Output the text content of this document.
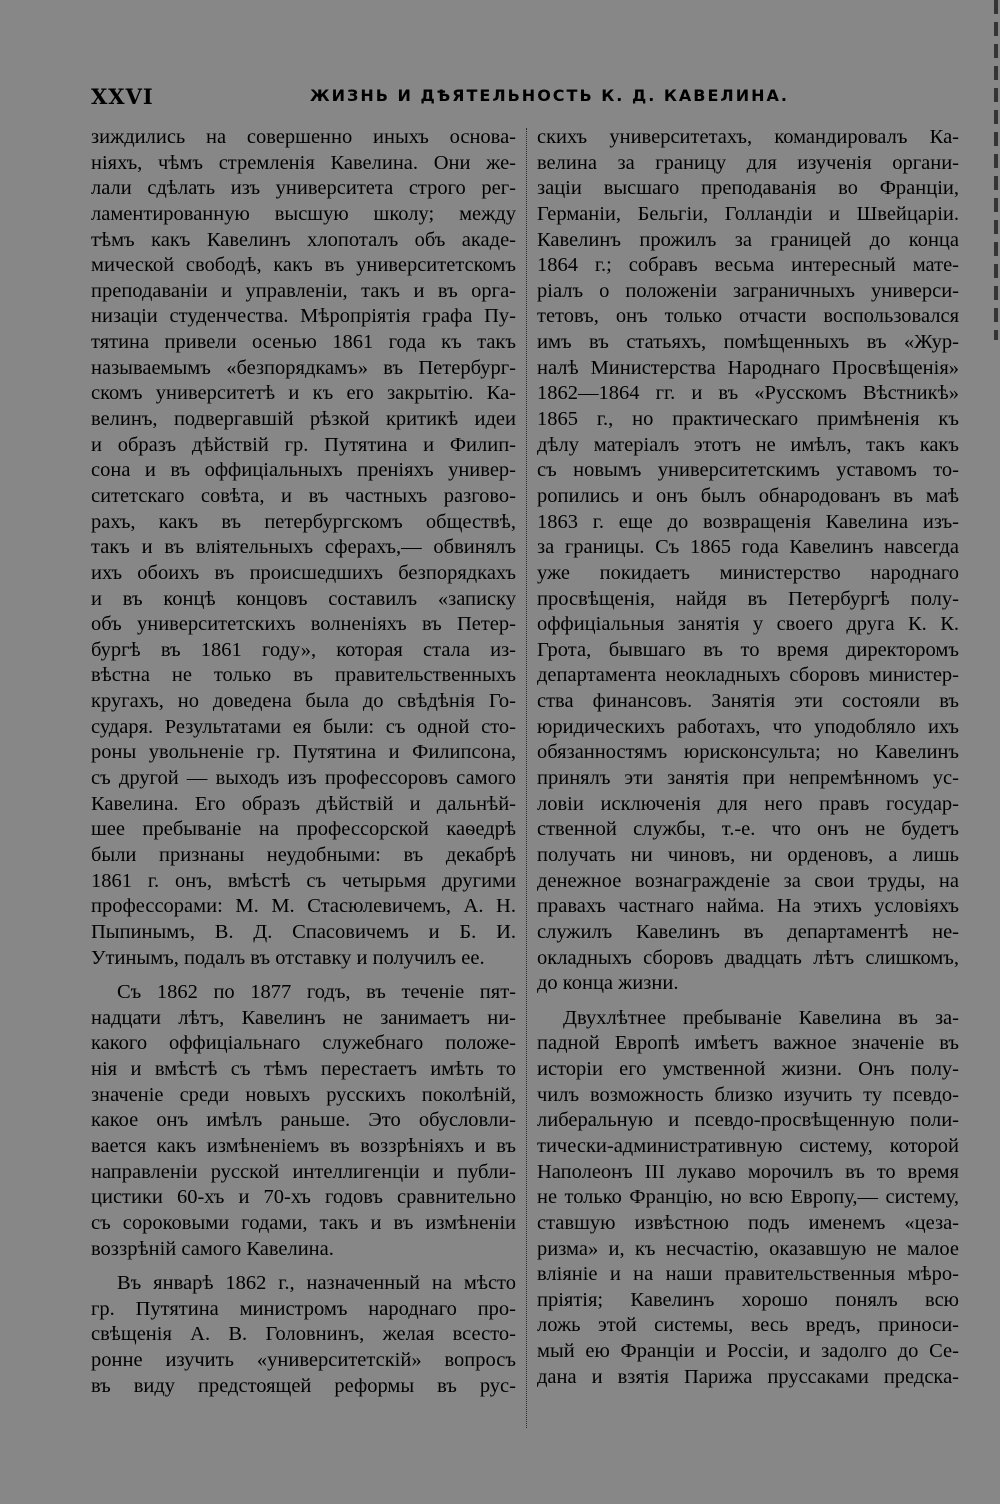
XXVI	ЖИЗНЬ И ДѢЯТЕЛЬНОСТЬ К. Д. КАВЕЛИНА.
зиждились на совершенно иныхъ основа-
ніяхъ, чѣмъ стремленія Кавелина. Они же-
лали сдѣлать изъ университета строго рег-
ламентированную высшую школу; между
тѣмъ какъ Кавелинъ хлопоталъ объ акаде-
мической свободѣ, какъ въ университетскомъ
преподаваніи и управленіи, такъ и въ орга-
низаціи студенчества. Мѣропріятія графа Пу-
тятина привели осенью 1861 года къ такъ
называемымъ «безпорядкамъ» въ Петербург-
скомъ университетѣ и къ его закрытію. Ка-
велинъ, подвергавшій рѣзкой критикѣ идеи
и образъ дѣйствій гр. Путятина и Филип-
сона и въ оффиціальныхъ преніяхъ универ-
ситетскаго совѣта, и въ частныхъ разгово-
рахъ, какъ въ петербургскомъ обществѣ,
такъ и въ вліятельныхъ сферахъ,— обвинялъ
ихъ обоихъ въ происшедшихъ безпорядкахъ
и въ концѣ концовъ составилъ «записку
объ университетскихъ волненіяхъ въ Петер-
бургѣ въ 1861 году», которая стала из-
вѣстна не только въ правительственныхъ
кругахъ, но доведена была до свѣдѣнія Го-
сударя. Результатами ея были: съ одной сто-
роны увольненіе гр. Путятина и Филипсона,
съ другой — выходъ изъ профессоровъ самого
Кавелина. Его образъ дѣйствій и дальнѣй-
шее пребываніе на профессорской каѳедрѣ
были признаны неудобными: въ декабрѣ
1861 г. онъ, вмѣстѣ съ четырьмя другими
профессорами: М. М. Стасюлевичемъ, А. Н.
Пыпинымъ, В. Д. Спасовичемъ и Б. И.
Утинымъ, подалъ въ отставку и получилъ ее.
Съ 1862 по 1877 годъ, въ теченіе пят-
надцати лѣтъ, Кавелинъ не занимаетъ ни-
какого оффиціальнаго служебнаго положе-
нія и вмѣстѣ съ тѣмъ перестаетъ имѣть то
значеніе среди новыхъ русскихъ поколѣній,
какое онъ имѣлъ раньше. Это обусловли-
вается какъ измѣненіемъ въ воззрѣніяхъ и въ
направленіи русской интеллигенціи и публи-
цистики 60-хъ и 70-хъ годовъ сравнительно
съ сороковыми годами, такъ и въ измѣненіи
воззрѣній самого Кавелина.
Въ январѣ 1862 г., назначенный на мѣсто
гр. Путятина министромъ народнаго про-
свѣщенія А. В. Головнинъ, желая всесто-
ронне изучить «университетскій» вопросъ
въ виду предстоящей реформы въ рус-
скихъ университетахъ, командировалъ Ка-
велина за границу для изученія органи-
заціи высшаго преподаванія во Франціи,
Германіи, Бельгіи, Голландіи и Швейцаріи.
Кавелинъ прожилъ за границей до конца
1864 г.; собравъ весьма интересный мате-
ріалъ о положеніи заграничныхъ универси-
тетовъ, онъ только отчасти воспользовался
имъ въ статьяхъ, помѣщенныхъ въ «Жур-
налѣ Министерства Народнаго Просвѣщенія»
1862—1864 гг. и въ «Русскомъ Вѣстникѣ»
1865 г., но практическаго примѣненія къ
дѣлу матеріалъ этотъ не имѣлъ, такъ какъ
съ новымъ университетскимъ уставомъ то-
ропились и онъ былъ обнародованъ въ маѣ
1863 г. еще до возвращенія Кавелина изъ-
за границы. Съ 1865 года Кавелинъ навсегда
уже покидаетъ министерство народнаго
просвѣщенія, найдя въ Петербургѣ полу-
оффиціальныя занятія у своего друга К. К.
Грота, бывшаго въ то время директоромъ
департамента неокладныхъ сборовъ министер-
ства финансовъ. Занятія эти состояли въ
юридическихъ работахъ, что уподобляло ихъ
обязанностямъ юрисконсульта; но Кавелинъ
принялъ эти занятія при непремѣнномъ ус-
ловіи исключенія для него правъ государ-
ственной службы, т.-е. что онъ не будетъ
получать ни чиновъ, ни орденовъ, а лишь
денежное вознагражденіе за свои труды, на
правахъ частнаго найма. На этихъ условіяхъ
служилъ Кавелинъ въ департаментѣ не-
окладныхъ сборовъ двадцать лѣтъ слишкомъ,
до конца жизни.
Двухлѣтнее пребываніе Кавелина въ за-
падной Европѣ имѣетъ важное значеніе въ
исторіи его умственной жизни. Онъ полу-
чилъ возможность близко изучить ту псевдо-
либеральную и псевдо-просвѣщенную поли-
тически-административную систему, которой
Наполеонъ III лукаво морочилъ въ то время
не только Францію, но всю Европу,— систему,
ставшую извѣстною подъ именемъ «цеза-
ризма» и, къ несчастію, оказавшую не малое
вліяніе и на наши правительственныя мѣро-
пріятія; Кавелинъ хорошо понялъ всю
ложь этой системы, весь вредъ, приноси-
мый ею Франціи и Россіи, и задолго до Се-
дана и взятія Парижа пруссаками предска-
